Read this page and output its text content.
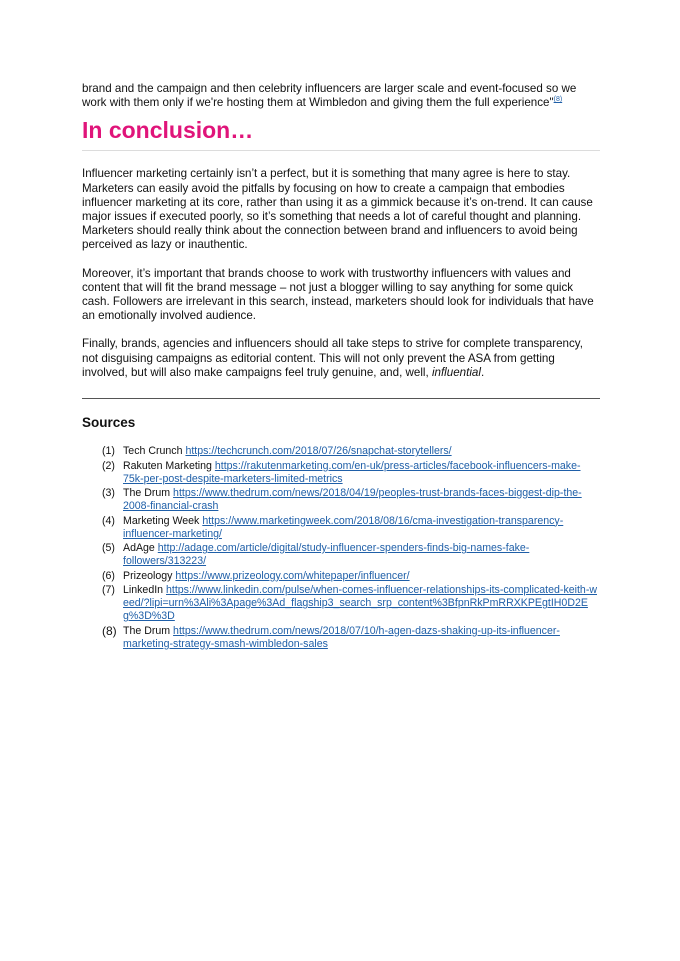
brand and the campaign and then celebrity influencers are larger scale and event-focused so we work with them only if we're hosting them at Wimbledon and giving them the full experience"$^{(8)}$

In conclusion…

Influencer marketing certainly isn’t a perfect, but it is something that many agree is here to stay. Marketers can easily avoid the pitfalls by focusing on how to create a campaign that embodies influencer marketing at its core, rather than using it as a gimmick because it’s on-trend. It can cause major issues if executed poorly, so it’s something that needs a lot of careful thought and planning. Marketers should really think about the connection between brand and influencers to avoid being perceived as lazy or inauthentic.

Moreover, it’s important that brands choose to work with trustworthy influencers with values and content that will fit the brand message – not just a blogger willing to say anything for some quick cash. Followers are irrelevant in this search, instead, marketers should look for individuals that have an emotionally involved audience.

Finally, brands, agencies and influencers should all take steps to strive for complete transparency, not disguising campaigns as editorial content. This will not only prevent the ASA from getting involved, but will also make campaigns feel truly genuine, and, well, influential.

Sources
(1) Tech Crunch https://techcrunch.com/2018/07/26/snapchat-storytellers/
(2) Rakuten Marketing https://rakutenmarketing.com/en-uk/press-articles/facebook-influencers-make-75k-per-post-despite-marketers-limited-metrics
(3) The Drum https://www.thedrum.com/news/2018/04/19/peoples-trust-brands-faces-biggest-dip-the-2008-financial-crash
(4) Marketing Week https://www.marketingweek.com/2018/08/16/cma-investigation-transparency-influencer-marketing/
(5) AdAge http://adage.com/article/digital/study-influencer-spenders-finds-big-names-fake-followers/313223/
(6) Prizeology https://www.prizeology.com/whitepaper/influencer/
(7) LinkedIn https://www.linkedin.com/pulse/when-comes-influencer-relationships-its-complicated-keith-weed/?lipi=urn%3Ali%3Apage%3Ad_flagship3_search_srp_content%3BfpnRkPmRRXKPEgtIH0D2Eg%3D%3D
(8) The Drum https://www.thedrum.com/news/2018/07/10/h-agen-dazs-shaking-up-its-influencer-marketing-strategy-smash-wimbledon-sales
